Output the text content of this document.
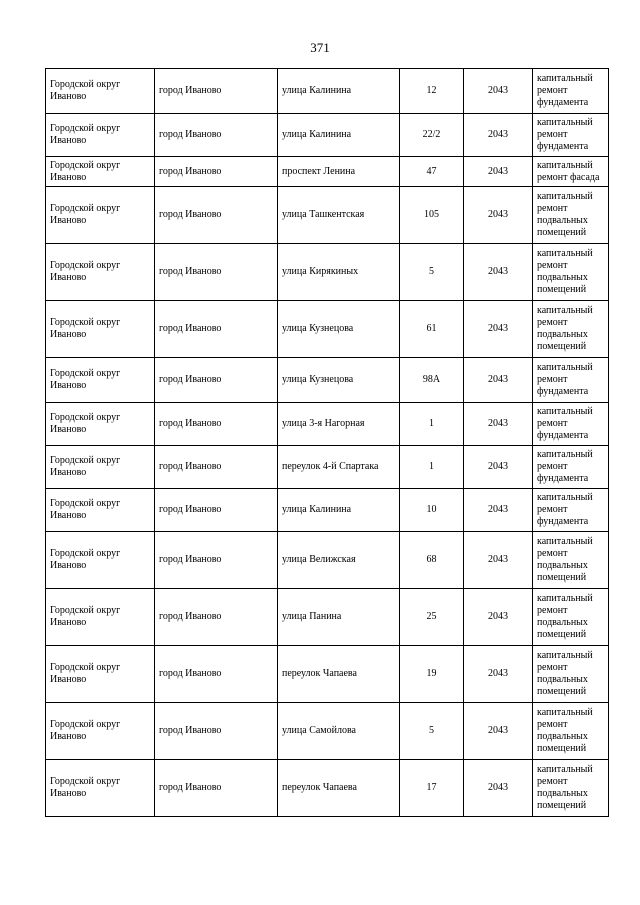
371
Городской округ Иваново	город Иваново	улица Калинина	12	2043	капитальный ремонт фундамента
Городской округ Иваново	город Иваново	улица Калинина	22/2	2043	капитальный ремонт фундамента
Городской округ Иваново	город Иваново	проспект Ленина	47	2043	капитальный ремонт фасада
Городской округ Иваново	город Иваново	улица Ташкентская	105	2043	капитальный ремонт подвальных помещений
Городской округ Иваново	город Иваново	улица Кирякиных	5	2043	капитальный ремонт подвальных помещений
Городской округ Иваново	город Иваново	улица Кузнецова	61	2043	капитальный ремонт подвальных помещений
Городской округ Иваново	город Иваново	улица Кузнецова	98А	2043	капитальный ремонт фундамента
Городской округ Иваново	город Иваново	улица 3-я Нагорная	1	2043	капитальный ремонт фундамента
Городской округ Иваново	город Иваново	переулок 4-й Спартака	1	2043	капитальный ремонт фундамента
Городской округ Иваново	город Иваново	улица Калинина	10	2043	капитальный ремонт фундамента
Городской округ Иваново	город Иваново	улица Велижская	68	2043	капитальный ремонт подвальных помещений
Городской округ Иваново	город Иваново	улица Панина	25	2043	капитальный ремонт подвальных помещений
Городской округ Иваново	город Иваново	переулок Чапаева	19	2043	капитальный ремонт подвальных помещений
Городской округ Иваново	город Иваново	улица Самойлова	5	2043	капитальный ремонт подвальных помещений
Городской округ Иваново	город Иваново	переулок Чапаева	17	2043	капитальный ремонт подвальных помещений
